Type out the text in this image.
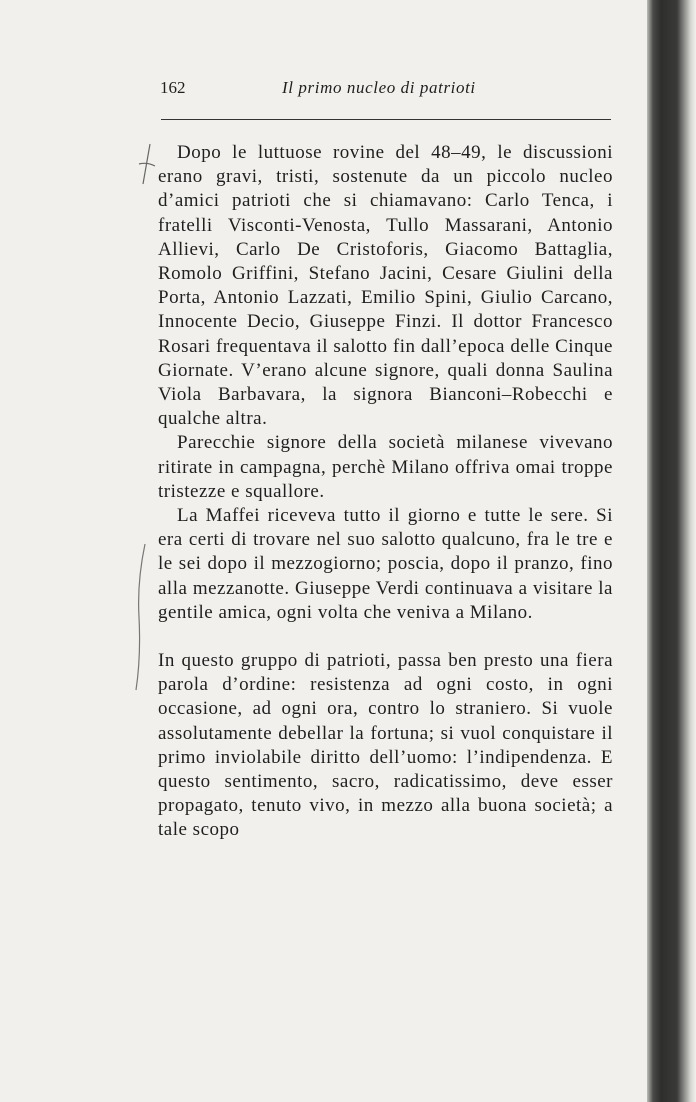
162	Il primo nucleo di patrioti

Dopo le luttuose rovine del 48–49, le discussioni erano gravi, tristi, sostenute da un piccolo nucleo d’amici patrioti che si chiamavano: Carlo Tenca, i fratelli Visconti-Venosta, Tullo Massarani, Antonio Allievi, Carlo De Cristoforis, Giacomo Battaglia, Romolo Griffini, Stefano Jacini, Cesare Giulini della Porta, Antonio Lazzati, Emilio Spini, Giulio Carcano, Innocente Decio, Giuseppe Finzi. Il dottor Francesco Rosari frequentava il salotto fin dall’epoca delle Cinque Giornate. V’erano alcune signore, quali donna Saulina Viola Barbavara, la signora Bianconi–Robecchi e qualche altra.

Parecchie signore della società milanese vivevano ritirate in campagna, perchè Milano offriva omai troppe tristezze e squallore.

La Maffei riceveva tutto il giorno e tutte le sere. Si era certi di trovare nel suo salotto qualcuno, fra le tre e le sei dopo il mezzogiorno; poscia, dopo il pranzo, fino alla mezzanotte. Giuseppe Verdi continuava a visitare la gentile amica, ogni volta che veniva a Milano.

In questo gruppo di patrioti, passa ben presto una fiera parola d’ordine: resistenza ad ogni costo, in ogni occasione, ad ogni ora, contro lo straniero. Si vuole assolutamente debellar la fortuna; si vuol conquistare il primo inviolabile diritto dell’uomo: l’indipendenza. E questo sentimento, sacro, radicatissimo, deve esser propagato, tenuto vivo, in mezzo alla buona società; a tale scopo
